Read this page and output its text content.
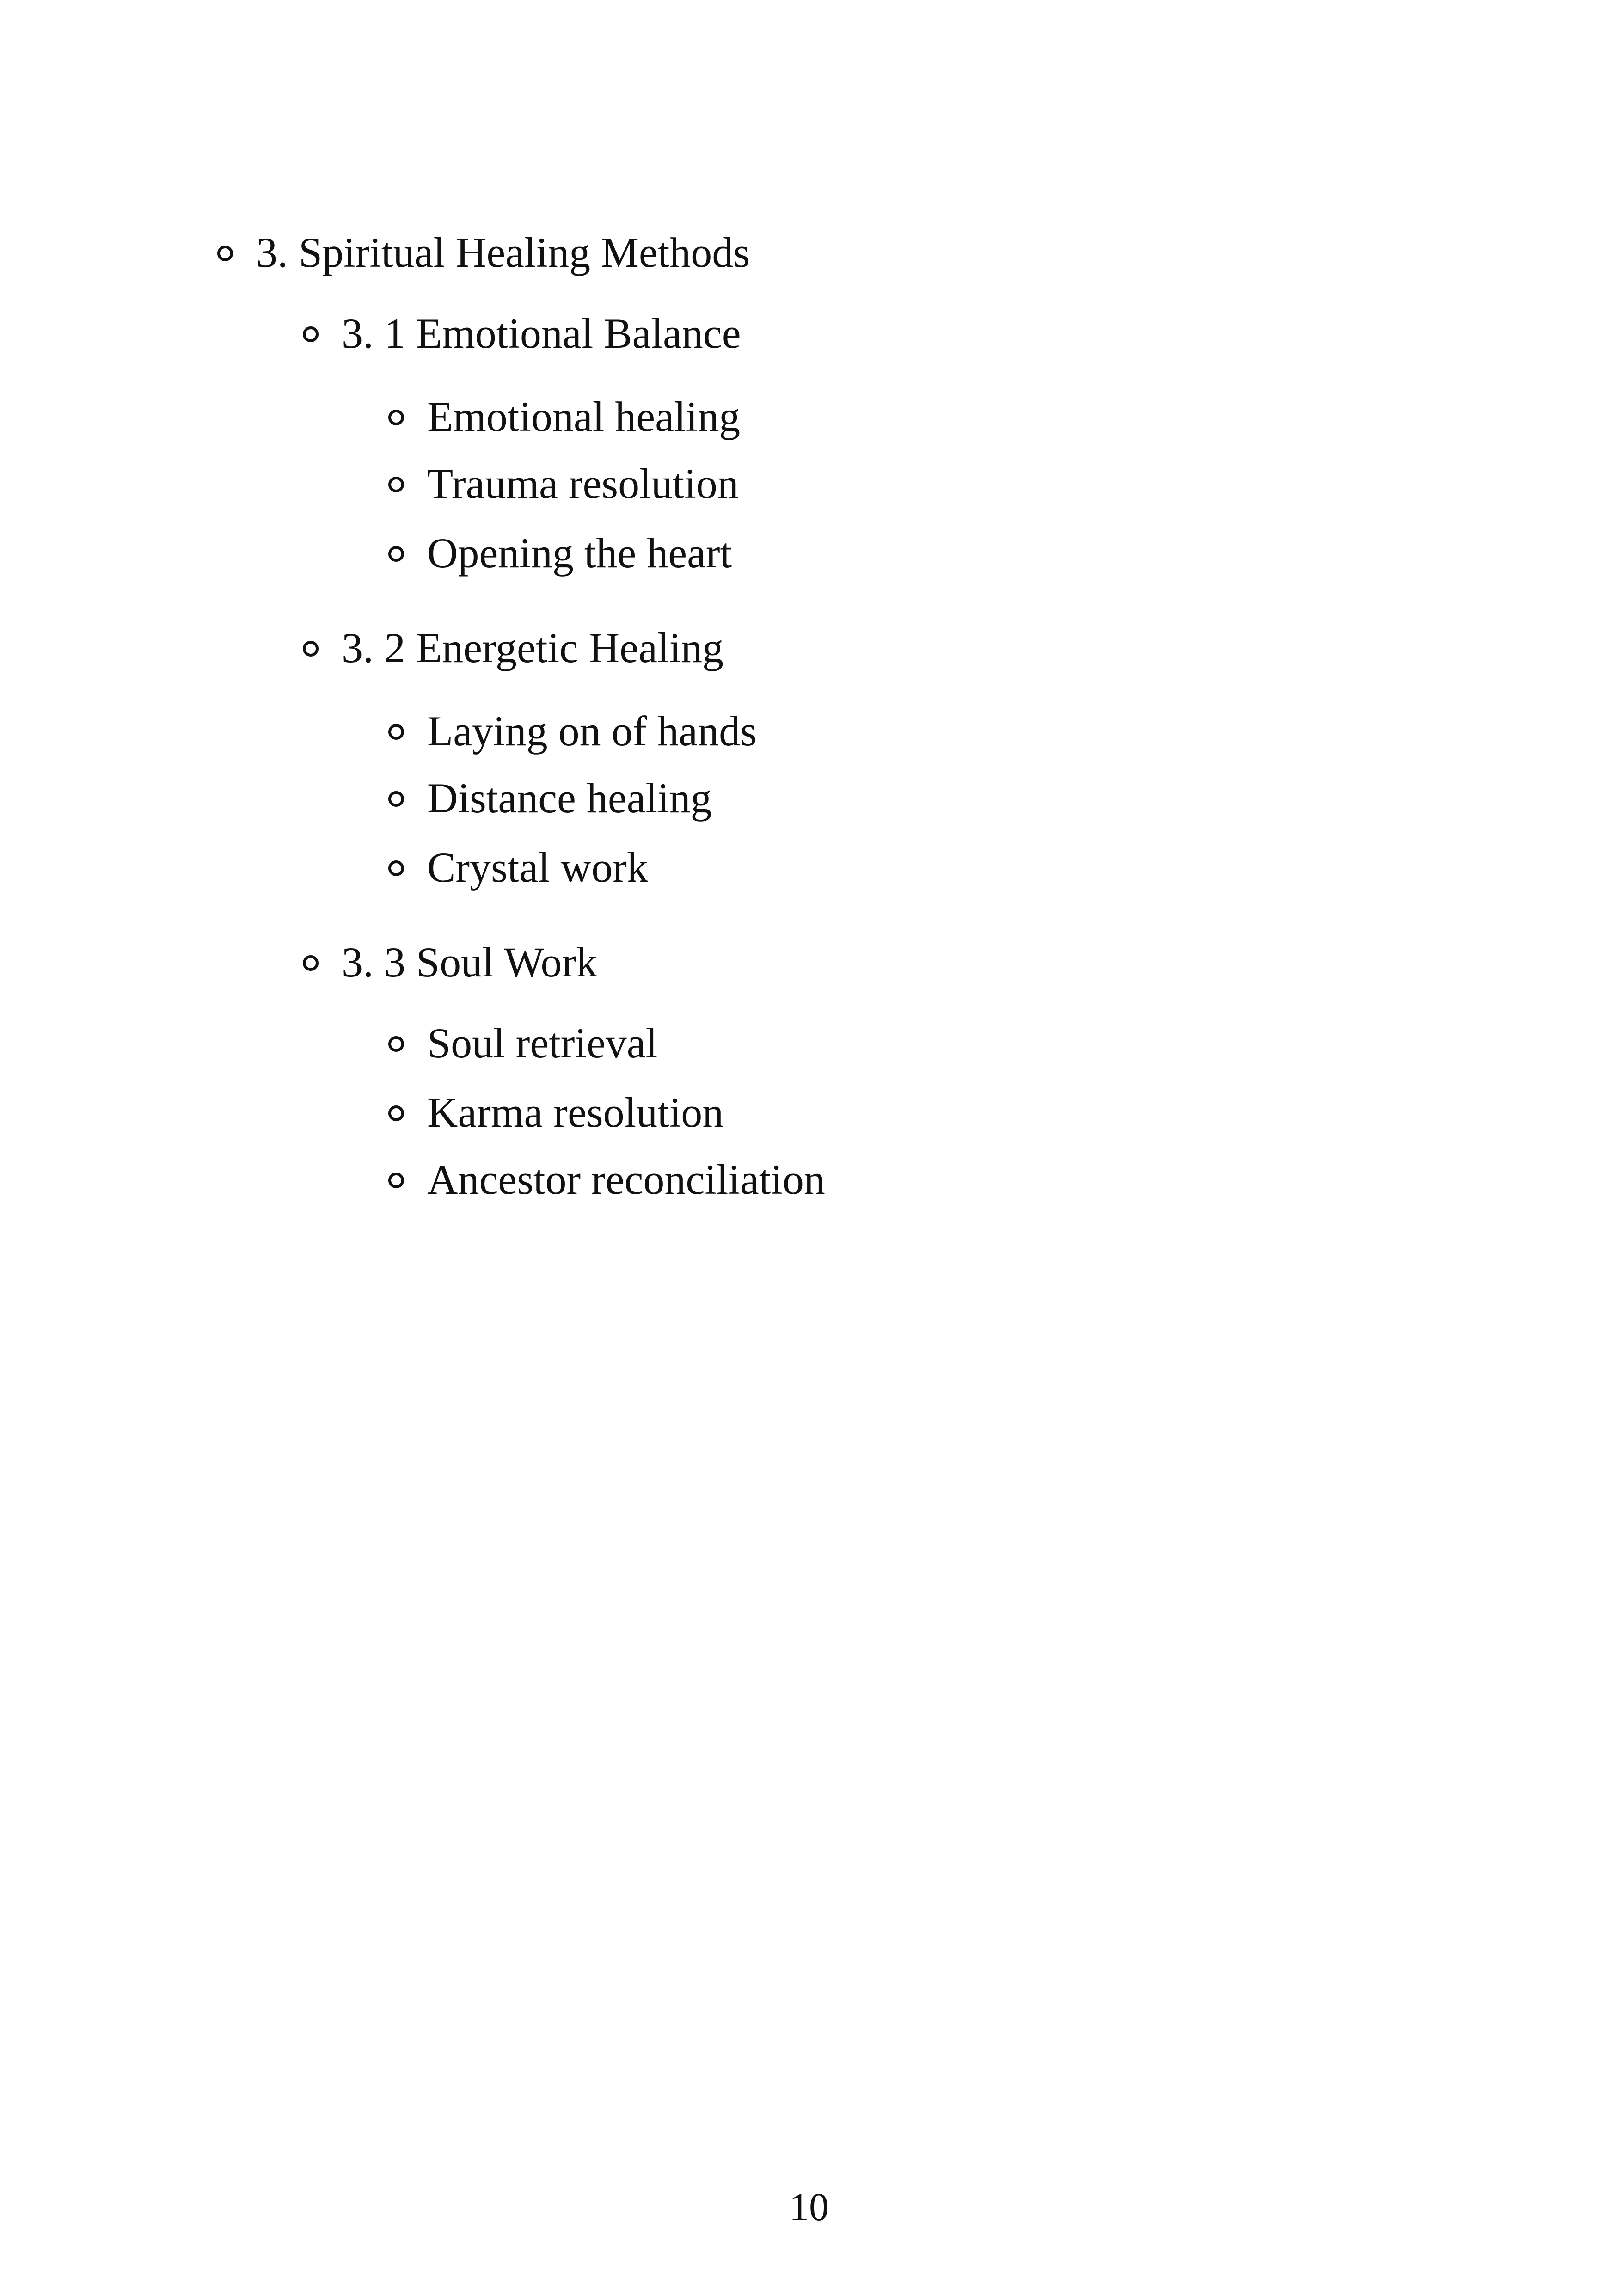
3. Spiritual Healing Methods
3. 1 Emotional Balance
Emotional healing
Trauma resolution
Opening the heart
3. 2 Energetic Healing
Laying on of hands
Distance healing
Crystal work
3. 3 Soul Work
Soul retrieval
Karma resolution
Ancestor reconciliation
10
